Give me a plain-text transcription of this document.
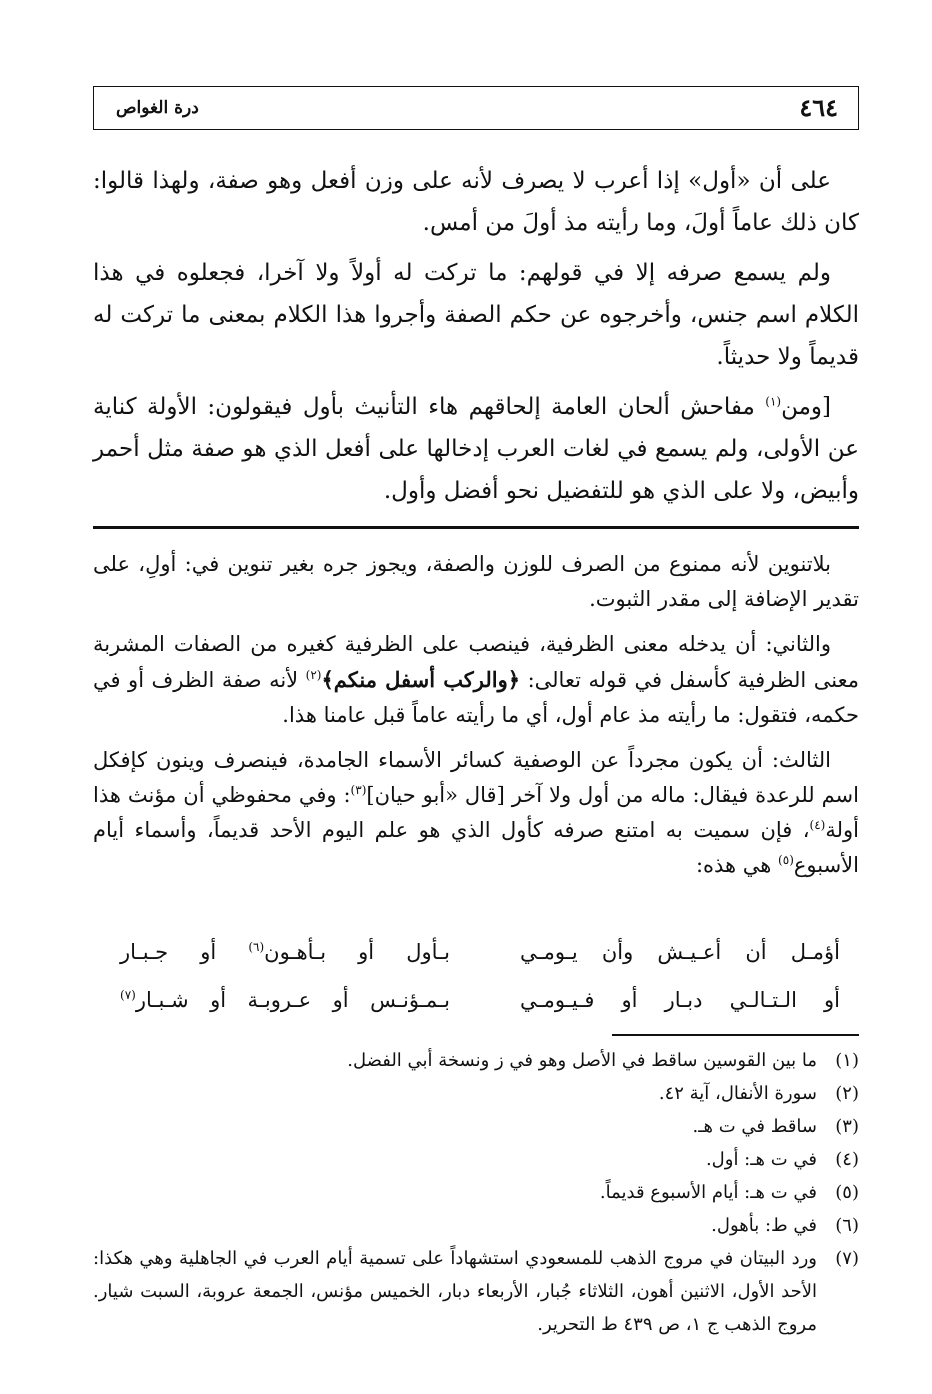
٤٦٤
درة الغواص

على أن «أول» إذا أعرب لا يصرف لأنه على وزن أفعل وهو صفة، ولهذا قالوا: كان ذلك عاماً أولَ، وما رأيته مذ أولَ من أمس.

ولم يسمع صرفه إلا في قولهم: ما تركت له أولاً ولا آخرا، فجعلوه في هذا الكلام اسم جنس، وأخرجوه عن حكم الصفة وأجروا هذا الكلام بمعنى ما تركت له قديماً ولا حديثاً.

[ومن$^{(١)}$ مفاحش ألحان العامة إلحاقهم هاء التأنيث بأول فيقولون: الأولة كناية عن الأولى، ولم يسمع في لغات العرب إدخالها على أفعل الذي هو صفة مثل أحمر وأبيض، ولا على الذي هو للتفضيل نحو أفضل وأول.

بلاتنوين لأنه ممنوع من الصرف للوزن والصفة، ويجوز جره بغير تنوين في: أولِ، على تقدير الإضافة إلى مقدر الثبوت.

والثاني: أن يدخله معنى الظرفية، فينصب على الظرفية كغيره من الصفات المشربة معنى الظرفية كأسفل في قوله تعالى: ﴿والركب أسفل منكم﴾$^{(٢)}$ لأنه صفة الظرف أو في حكمه، فتقول: ما رأيته مذ عام أول، أي ما رأيته عاماً قبل عامنا هذا.

الثالث: أن يكون مجرداً عن الوصفية كسائر الأسماء الجامدة، فينصرف وينون كإفكل اسم للرعدة فيقال: ماله من أول ولا آخر [قال «أبو حيان]$^{(٣)}$: وفي محفوظي أن مؤنث هذا أولة$^{(٤)}$، فإن سميت به امتنع صرفه كأول الذي هو علم اليوم الأحد قديماً، وأسماء أيام الأسبوع$^{(٥)}$ هي هذه:

أؤمـل أن أعـيـش وأن يـومـي
بـأول أو بـأهـون$^{(٦)}$ أو جـبـار
أو الـتـالـي دبـار أو فـيـومـي
بـمـؤنـس أو عـروبـة أو شـبـار$^{(٧)}$
(١)
ما بين القوسين ساقط في الأصل وهو في ز ونسخة أبي الفضل.
(٢)
سورة الأنفال، آية ٤٢.
(٣)
ساقط في ت هـ.
(٤)
في ت هـ: أول.
(٥)
في ت هـ: أيام الأسبوع قديماً.
(٦)
في ط: بأهول.
(٧)
ورد البيتان في مروج الذهب للمسعودي استشهاداً على تسمية أيام العرب في الجاهلية وهي هكذا: الأحد الأول، الاثنين أهون، الثلاثاء جُبار، الأربعاء دبار، الخميس مؤنس، الجمعة عروبة، السبت شيار. مروج الذهب ج ١، ص ٤٣٩ ط التحرير.
